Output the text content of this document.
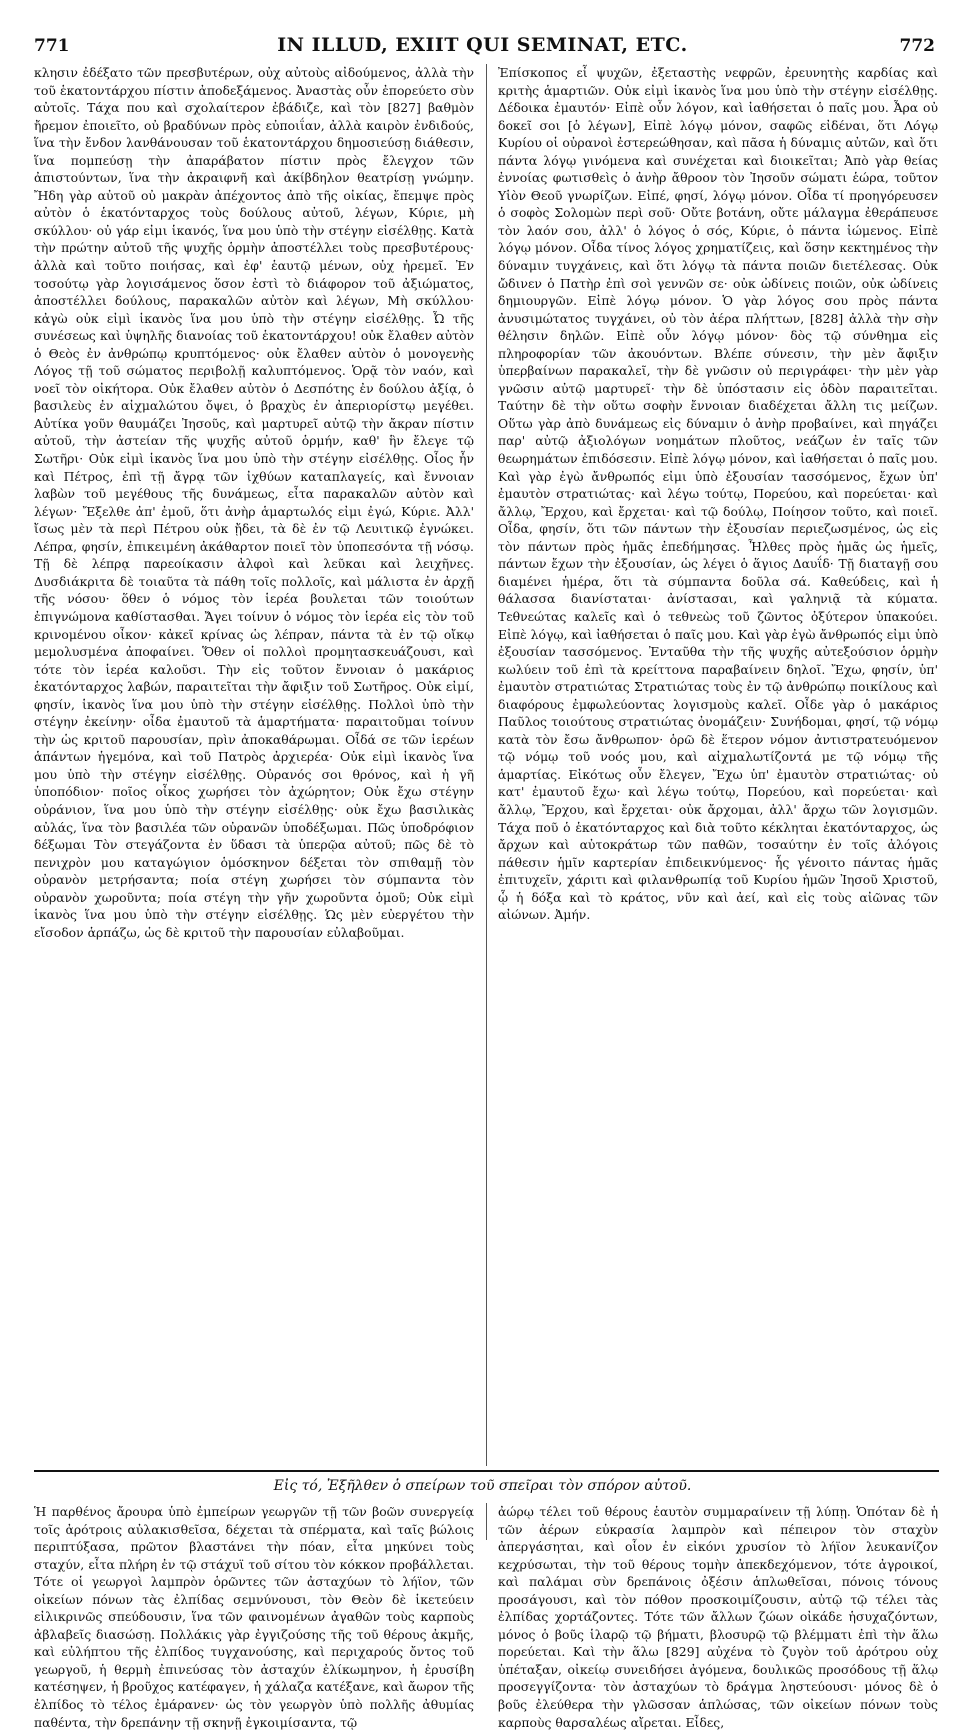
771	IN ILLUD, EXIIT QUI SEMINAT, ETC.	772

κλησιν ἐδέξατο τῶν πρεσβυτέρων, οὐχ αὐτοὺς αἰδούμενος, ἀλλὰ τὴν τοῦ ἑκατοντάρχου πίστιν ἀποδεξάμενος. Ἀναστὰς οὖν ἐπορεύετο σὺν αὐτοῖς. Τάχα που καὶ σχολαίτερον ἐβάδιζε, καὶ τὸν [827] βαθμὸν ἤρεμον ἐποιεῖτο, οὐ βραδύνων πρὸς εὐποιΐαν, ἀλλὰ καιρὸν ἐνδιδούς, ἵνα τὴν ἔνδον λανθάνουσαν τοῦ ἑκατοντάρχου δημοσιεύσῃ διάθεσιν, ἵνα πομπεύσῃ τὴν ἀπαράβατον πίστιν πρὸς ἔλεγχον τῶν ἀπιστούντων, ἵνα τὴν ἀκραιφνῆ καὶ ἀκίβδηλον θεατρίσῃ γνώμην. Ἤδη γὰρ αὐτοῦ οὐ μακρὰν ἀπέχοντος ἀπὸ τῆς οἰκίας, ἔπεμψε πρὸς αὐτὸν ὁ ἑκατόνταρχος τοὺς δούλους αὐτοῦ, λέγων, Κύριε, μὴ σκύλλου· οὐ γάρ εἰμι ἱκανός, ἵνα μου ὑπὸ τὴν στέγην εἰσέλθῃς. Κατὰ τὴν πρώτην αὐτοῦ τῆς ψυχῆς ὁρμὴν ἀποστέλλει τοὺς πρεσβυτέρους· ἀλλὰ καὶ τοῦτο ποιήσας, καὶ ἐφ' ἑαυτῷ μένων, οὐχ ἠρεμεῖ. Ἐν τοσούτῳ γὰρ λογισάμενος ὅσον ἐστὶ τὸ διάφορον τοῦ ἀξιώματος, ἀποστέλλει δούλους, παρακαλῶν αὐτὸν καὶ λέγων, Μὴ σκύλλου· κἀγὼ οὐκ εἰμὶ ἱκανὸς ἵνα μου ὑπὸ τὴν στέγην εἰσέλθῃς. Ὦ τῆς συνέσεως καὶ ὑψηλῆς διανοίας τοῦ ἑκατοντάρχου! οὐκ ἔλαθεν αὐτὸν ὁ Θεὸς ἐν ἀνθρώπῳ κρυπτόμενος· οὐκ ἔλαθεν αὐτὸν ὁ μονογενὴς Λόγος τῇ τοῦ σώματος περιβολῇ καλυπτόμενος. Ὁρᾷ τὸν ναόν, καὶ νοεῖ τὸν οἰκήτορα. Οὐκ ἔλαθεν αὐτὸν ὁ Δεσπότης ἐν δούλου ἀξίᾳ, ὁ βασιλεὺς ἐν αἰχμαλώτου ὄψει, ὁ βραχὺς ἐν ἀπεριορίστῳ μεγέθει. Αὐτίκα γοῦν θαυμάζει Ἰησοῦς, καὶ μαρτυρεῖ αὐτῷ τὴν ἄκραν πίστιν αὐτοῦ, τὴν ἀστείαν τῆς ψυχῆς αὐτοῦ ὁρμήν, καθ' ἣν ἔλεγε τῷ Σωτῆρι· Οὐκ εἰμὶ ἱκανὸς ἵνα μου ὑπὸ τὴν στέγην εἰσέλθῃς. Οἷος ἦν καὶ Πέτρος, ἐπὶ τῇ ἄγρᾳ τῶν ἰχθύων καταπλαγείς, καὶ ἔννοιαν λαβὼν τοῦ μεγέθους τῆς δυνάμεως, εἶτα παρακαλῶν αὐτὸν καὶ λέγων· Ἔξελθε ἀπ' ἐμοῦ, ὅτι ἀνὴρ ἁμαρτωλός εἰμι ἐγώ, Κύριε. Ἀλλ' ἴσως μὲν τὰ περὶ Πέτρου οὐκ ᾔδει, τὰ δὲ ἐν τῷ Λευιτικῷ ἐγνώκει. Λέπρα, φησίν, ἐπικειμένη ἀκάθαρτον ποιεῖ τὸν ὑποπεσόντα τῇ νόσῳ. Τῇ δὲ λέπρᾳ παρεοίκασιν ἀλφοὶ καὶ λεῦκαι καὶ λειχῆνες. Δυσδιάκριτα δὲ τοιαῦτα τὰ πάθη τοῖς πολλοῖς, καὶ μάλιστα ἐν ἀρχῇ τῆς νόσου· ὅθεν ὁ νόμος τὸν ἱερέα βουλεται τῶν τοιούτων ἐπιγνώμονα καθίστασθαι. Ἄγει τοίνυν ὁ νόμος τὸν ἱερέα εἰς τὸν τοῦ κρινομένου οἶκον· κἀκεῖ κρίνας ὡς λέπραν, πάντα τὰ ἐν τῷ οἴκῳ μεμολυσμένα ἀποφαίνει. Ὅθεν οἱ πολλοὶ προμητασκευάζουσι, καὶ τότε τὸν ἱερέα καλοῦσι. Τὴν εἰς τοῦτον ἔννοιαν ὁ μακάριος ἑκατόνταρχος λαβών, παραιτεῖται τὴν ἄφιξιν τοῦ Σωτῆρος. Οὐκ εἰμί, φησίν, ἱκανὸς ἵνα μου ὑπὸ τὴν στέγην εἰσέλθῃς. Πολλοὶ ὑπὸ τὴν στέγην ἐκείνην· οἶδα ἐμαυτοῦ τὰ ἁμαρτήματα· παραιτοῦμαι τοίνυν τὴν ὡς κριτοῦ παρουσίαν, πρὶν ἀποκαθάρωμαι. Οἶδά σε τῶν ἱερέων ἁπάντων ἡγεμόνα, καὶ τοῦ Πατρὸς ἀρχιερέα· Οὐκ εἰμὶ ἱκανὸς ἵνα μου ὑπὸ τὴν στέγην εἰσέλθῃς. Οὐρανός σοι θρόνος, καὶ ἡ γῆ ὑποπόδιον· ποῖος οἶκος χωρήσει τὸν ἀχώρητον; Οὐκ ἔχω στέγην οὐράνιον, ἵνα μου ὑπὸ τὴν στέγην εἰσέλθῃς· οὐκ ἔχω βασιλικὰς αὐλάς, ἵνα τὸν βασιλέα τῶν οὐρανῶν ὑποδέξωμαι. Πῶς ὑποδρόφιον δέξωμαι Τὸν στεγάζοντα ἐν ὕδασι τὰ ὑπερῷα αὐτοῦ; πῶς δὲ τὸ πενιχρὸν μου καταγώγιον ὁμόσκηνον δέξεται τὸν σπιθαμῇ τὸν οὐρανὸν μετρήσαντα; ποία στέγη χωρήσει τὸν σύμπαντα τὸν οὐρανὸν χωροῦντα; ποία στέγη τὴν γῆν χωροῦντα ὁμοῦ; Οὐκ εἰμὶ ἱκανὸς ἵνα μου ὑπὸ τὴν στέγην εἰσέλθῃς. Ὡς μὲν εὐεργέτου τὴν εἴσοδον ἁρπάζω, ὡς δὲ κριτοῦ τὴν παρουσίαν εὐλαβοῦμαι.

Ἐπίσκοπος εἶ ψυχῶν, ἐξεταστὴς νεφρῶν, ἐρευνητὴς καρδίας καὶ κριτὴς ἁμαρτιῶν. Οὐκ εἰμὶ ἱκανὸς ἵνα μου ὑπὸ τὴν στέγην εἰσέλθῃς. Δέδοικα ἐμαυτόν· Εἰπὲ οὖν λόγον, καὶ ἰαθήσεται ὁ παῖς μου. Ἆρα οὐ δοκεῖ σοι [ὁ λέγων], Εἰπὲ λόγῳ μόνον, σαφῶς εἰδέναι, ὅτι Λόγῳ Κυρίου οἱ οὐρανοὶ ἐστερεώθησαν, καὶ πᾶσα ἡ δύναμις αὐτῶν, καὶ ὅτι πάντα λόγῳ γινόμενα καὶ συνέχεται καὶ διοικεῖται; Ἀπὸ γὰρ θείας ἐννοίας φωτισθεὶς ὁ ἀνὴρ ἄθροον τὸν Ἰησοῦν σώματι ἑώρα, τοῦτον Υἱὸν Θεοῦ γνωρίζων. Εἰπέ, φησί, λόγῳ μόνον. Οἶδα τί προηγόρευσεν ὁ σοφὸς Σολομὼν περὶ σοῦ· Οὔτε βοτάνη, οὔτε μάλαγμα ἐθεράπευσε τὸν λαόν σου, ἀλλ' ὁ λόγος ὁ σός, Κύριε, ὁ πάντα ἰώμενος. Εἰπὲ λόγῳ μόνον. Οἶδα τίνος λόγος χρηματίζεις, καὶ ὅσην κεκτημένος τὴν δύναμιν τυγχάνεις, καὶ ὅτι λόγῳ τὰ πάντα ποιῶν διετέλεσας. Οὐκ ὤδινεν ὁ Πατὴρ ἐπὶ σοὶ γεννῶν σε· οὐκ ὠδίνεις ποιῶν, οὐκ ὠδίνεις δημιουργῶν. Εἰπὲ λόγῳ μόνον. Ὁ γὰρ λόγος σου πρὸς πάντα ἀνυσιμώτατος τυγχάνει, οὐ τὸν ἀέρα πλήττων, [828] ἀλλὰ τὴν σὴν θέλησιν δηλῶν. Εἰπὲ οὖν λόγῳ μόνον· δὸς τῷ σύνθημα εἰς πληροφορίαν τῶν ἀκουόντων. Βλέπε σύνεσιν, τὴν μὲν ἄφιξιν ὑπερβαίνων παρακαλεῖ, τὴν δὲ γνῶσιν οὐ περιγράφει· τὴν μὲν γὰρ γνῶσιν αὐτῷ μαρτυρεῖ· τὴν δὲ ὑπόστασιν εἰς ὁδὸν παραιτεῖται. Ταύτην δὲ τὴν οὕτω σοφὴν ἔννοιαν διαδέχεται ἄλλη τις μείζων. Οὕτω γὰρ ἀπὸ δυνάμεως εἰς δύναμιν ὁ ἀνὴρ προβαίνει, καὶ πηγάζει παρ' αὐτῷ ἀξιολόγων νοημάτων πλοῦτος, νεάζων ἐν ταῖς τῶν θεωρημάτων ἐπιδόσεσιν. Εἰπὲ λόγῳ μόνον, καὶ ἰαθήσεται ὁ παῖς μου. Καὶ γὰρ ἐγὼ ἄνθρωπός εἰμι ὑπὸ ἐξουσίαν τασσόμενος, ἔχων ὑπ' ἐμαυτὸν στρατιώτας· καὶ λέγω τούτῳ, Πορεύου, καὶ πορεύεται· καὶ ἄλλῳ, Ἔρχου, καὶ ἔρχεται· καὶ τῷ δούλῳ, Ποίησον τοῦτο, καὶ ποιεῖ. Οἶδα, φησίν, ὅτι τῶν πάντων τὴν ἐξουσίαν περιεζωσμένος, ὡς εἰς τὸν πάντων πρὸς ἡμᾶς ἐπεδήμησας. Ἦλθες πρὸς ἡμᾶς ὡς ἡμεῖς, πάντων ἔχων τὴν ἐξουσίαν, ὡς λέγει ὁ ἅγιος Δαυΐδ· Τῇ διαταγῇ σου διαμένει ἡμέρα, ὅτι τὰ σύμπαντα δοῦλα σά. Καθεύδεις, καὶ ἡ θάλασσα διανίσταται· ἀνίστασαι, καὶ γαληνιᾷ τὰ κύματα. Τεθνεώτας καλεῖς καὶ ὁ τεθνεὼς τοῦ ζῶντος ὀξύτερον ὑπακούει. Εἰπὲ λόγῳ, καὶ ἰαθήσεται ὁ παῖς μου. Καὶ γὰρ ἐγὼ ἄνθρωπός εἰμι ὑπὸ ἐξουσίαν τασσόμενος. Ἐνταῦθα τὴν τῆς ψυχῆς αὐτεξούσιον ὁρμὴν κωλύειν τοῦ ἐπὶ τὰ κρείττονα παραβαίνειν δηλοῖ. Ἔχω, φησίν, ὑπ' ἐμαυτὸν στρατιώτας Στρατιώτας τοὺς ἐν τῷ ἀνθρώπῳ ποικίλους καὶ διαφόρους ἐμφωλεύοντας λογισμοὺς καλεῖ. Οἶδε γὰρ ὁ μακάριος Παῦλος τοιούτους στρατιώτας ὀνομάζειν· Συνήδομαι, φησί, τῷ νόμῳ κατὰ τὸν ἔσω ἄνθρωπον· ὁρῶ δὲ ἕτερον νόμον ἀντιστρατευόμενον τῷ νόμῳ τοῦ νοός μου, καὶ αἰχμαλωτίζοντά με τῷ νόμῳ τῆς ἁμαρτίας. Εἰκότως οὖν ἔλεγεν, Ἔχω ὑπ' ἐμαυτὸν στρατιώτας· οὐ κατ' ἐμαυτοῦ ἔχω· καὶ λέγω τούτῳ, Πορεύου, καὶ πορεύεται· καὶ ἄλλῳ, Ἔρχου, καὶ ἔρχεται· οὐκ ἄρχομαι, ἀλλ' ἄρχω τῶν λογισμῶν. Τάχα ποῦ ὁ ἑκατόνταρχος καὶ διὰ τοῦτο κέκληται ἑκατόνταρχος, ὡς ἄρχων καὶ αὐτοκράτωρ τῶν παθῶν, τοσαύτην ἐν τοῖς ἀλόγοις πάθεσιν ἡμῖν καρτερίαν ἐπιδεικνύμενος· ἧς γένοιτο πάντας ἡμᾶς ἐπιτυχεῖν, χάριτι καὶ φιλανθρωπίᾳ τοῦ Κυρίου ἡμῶν Ἰησοῦ Χριστοῦ, ᾧ ἡ δόξα καὶ τὸ κράτος, νῦν καὶ ἀεί, καὶ εἰς τοὺς αἰῶνας τῶν αἰώνων. Ἀμήν.

Εἰς τό, Ἐξῆλθεν ὁ σπείρων τοῦ σπεῖραι τὸν σπόρον αὐτοῦ.

Ἡ παρθένος ἄρουρα ὑπὸ ἐμπείρων γεωργῶν τῇ τῶν βοῶν συνεργείᾳ τοῖς ἀρότροις αὐλακισθεῖσα, δέχεται τὰ σπέρματα, καὶ ταῖς βώλοις περιπτύξασα, πρῶτον βλαστάνει τὴν πόαν, εἶτα μηκύνει τοὺς σταχύν, εἶτα πλήρη ἐν τῷ στάχυϊ τοῦ σίτου τὸν κόκκον προβάλλεται. Τότε οἱ γεωργοὶ λαμπρὸν ὁρῶντες τῶν ἀσταχύων τὸ λήϊον, τῶν οἰκείων πόνων τὰς ἐλπίδας σεμνύνουσι, τὸν Θεὸν δὲ ἱκετεύειν εἰλικρινῶς σπεύδουσιν, ἵνα τῶν φαινομένων ἀγαθῶν τοὺς καρποὺς ἀβλαβεῖς διασώσῃ. Πολλάκις γὰρ ἐγγιζούσης τῆς τοῦ θέρους ἀκμῆς, καὶ εὐλήπτου τῆς ἐλπίδος τυγχανούσης, καὶ περιχαρούς ὄντος τοῦ γεωργοῦ, ἡ θερμὴ ἐπινεύσας τὸν ἀσταχύν ἐλίκωμηνον, ἡ ἐρυσίβη κατέσηψεν, ἡ βροῦχος κατέφαγεν, ἡ χάλαζα κατέξανε, καὶ ἄωρον τῆς ἐλπίδος τὸ τέλος ἐμάρανεν· ὡς τὸν γεωργὸν ὑπὸ πολλῆς ἀθυμίας παθέντα, τὴν δρεπάνην τῇ σκηνῇ ἐγκοιμίσαντα, τῷ

ἀώρῳ τέλει τοῦ θέρους ἑαυτὸν συμμαραίνειν τῇ λύπῃ. Ὁπόταν δὲ ἡ τῶν ἀέρων εὐκρασία λαμπρὸν καὶ πέπειρον τὸν σταχὺν ἀπεργάσηται, καὶ οἷον ἐν εἰκόνι χρυσίον τὸ λήϊον λευκανίζον κεχρύσωται, τὴν τοῦ θέρους τομὴν ἀπεκδεχόμενον, τότε ἀγροικοί, καὶ παλάμαι σὺν δρεπάνοις ὀξέσιν ἁπλωθεῖσαι, πόνοις τόνους προσάγουσι, καὶ τὸν πόθον προσκοιμίζουσιν, αὐτῷ τῷ τέλει τὰς ἐλπίδας χορτάζοντες. Τότε τῶν ἄλλων ζώων οἰκάδε ἡσυχαζόντων, μόνος ὁ βοῦς ἱλαρῷ τῷ βήματι, βλοσυρῷ τῷ βλέμματι ἐπὶ τὴν ἅλω πορεύεται. Καὶ τὴν ἅλω [829] αὐχένα τὸ ζυγὸν τοῦ ἀρότρου οὐχ ὑπέταξαν, οἰκείῳ συνειδήσει ἀγόμενα, δουλικῶς προσόδους τῇ ἅλῳ προσεγγίζοντα· τὸν ἀσταχύων τὸ δράγμα ληστεύουσι· μόνος δὲ ὁ βοῦς ἐλεύθερα τὴν γλῶσσαν ἁπλώσας, τῶν οἰκείων πόνων τοὺς καρποὺς θαρσαλέως αἴρεται. Εἶδες,
